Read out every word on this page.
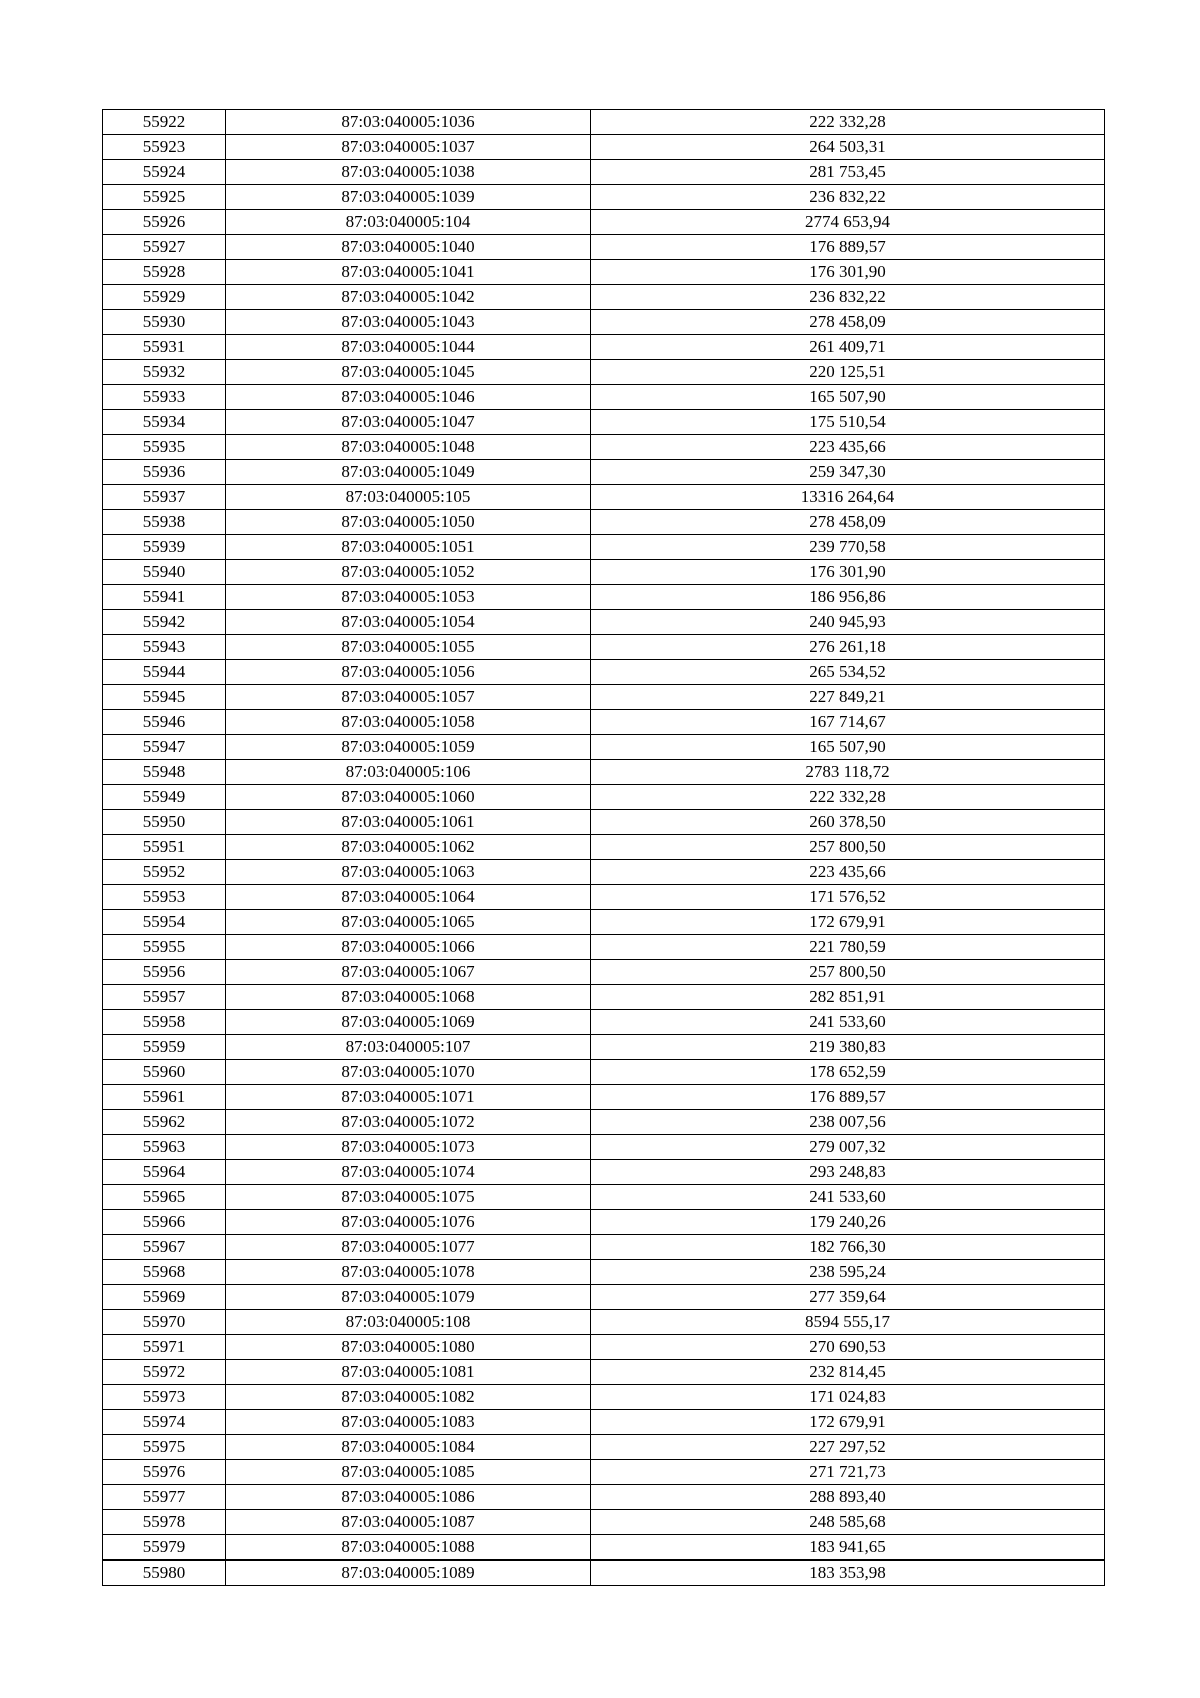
55922	87:03:040005:1036	222 332,28
55923	87:03:040005:1037	264 503,31
55924	87:03:040005:1038	281 753,45
55925	87:03:040005:1039	236 832,22
55926	87:03:040005:104	2774 653,94
55927	87:03:040005:1040	176 889,57
55928	87:03:040005:1041	176 301,90
55929	87:03:040005:1042	236 832,22
55930	87:03:040005:1043	278 458,09
55931	87:03:040005:1044	261 409,71
55932	87:03:040005:1045	220 125,51
55933	87:03:040005:1046	165 507,90
55934	87:03:040005:1047	175 510,54
55935	87:03:040005:1048	223 435,66
55936	87:03:040005:1049	259 347,30
55937	87:03:040005:105	13316 264,64
55938	87:03:040005:1050	278 458,09
55939	87:03:040005:1051	239 770,58
55940	87:03:040005:1052	176 301,90
55941	87:03:040005:1053	186 956,86
55942	87:03:040005:1054	240 945,93
55943	87:03:040005:1055	276 261,18
55944	87:03:040005:1056	265 534,52
55945	87:03:040005:1057	227 849,21
55946	87:03:040005:1058	167 714,67
55947	87:03:040005:1059	165 507,90
55948	87:03:040005:106	2783 118,72
55949	87:03:040005:1060	222 332,28
55950	87:03:040005:1061	260 378,50
55951	87:03:040005:1062	257 800,50
55952	87:03:040005:1063	223 435,66
55953	87:03:040005:1064	171 576,52
55954	87:03:040005:1065	172 679,91
55955	87:03:040005:1066	221 780,59
55956	87:03:040005:1067	257 800,50
55957	87:03:040005:1068	282 851,91
55958	87:03:040005:1069	241 533,60
55959	87:03:040005:107	219 380,83
55960	87:03:040005:1070	178 652,59
55961	87:03:040005:1071	176 889,57
55962	87:03:040005:1072	238 007,56
55963	87:03:040005:1073	279 007,32
55964	87:03:040005:1074	293 248,83
55965	87:03:040005:1075	241 533,60
55966	87:03:040005:1076	179 240,26
55967	87:03:040005:1077	182 766,30
55968	87:03:040005:1078	238 595,24
55969	87:03:040005:1079	277 359,64
55970	87:03:040005:108	8594 555,17
55971	87:03:040005:1080	270 690,53
55972	87:03:040005:1081	232 814,45
55973	87:03:040005:1082	171 024,83
55974	87:03:040005:1083	172 679,91
55975	87:03:040005:1084	227 297,52
55976	87:03:040005:1085	271 721,73
55977	87:03:040005:1086	288 893,40
55978	87:03:040005:1087	248 585,68
55979	87:03:040005:1088	183 941,65
55980	87:03:040005:1089	183 353,98
